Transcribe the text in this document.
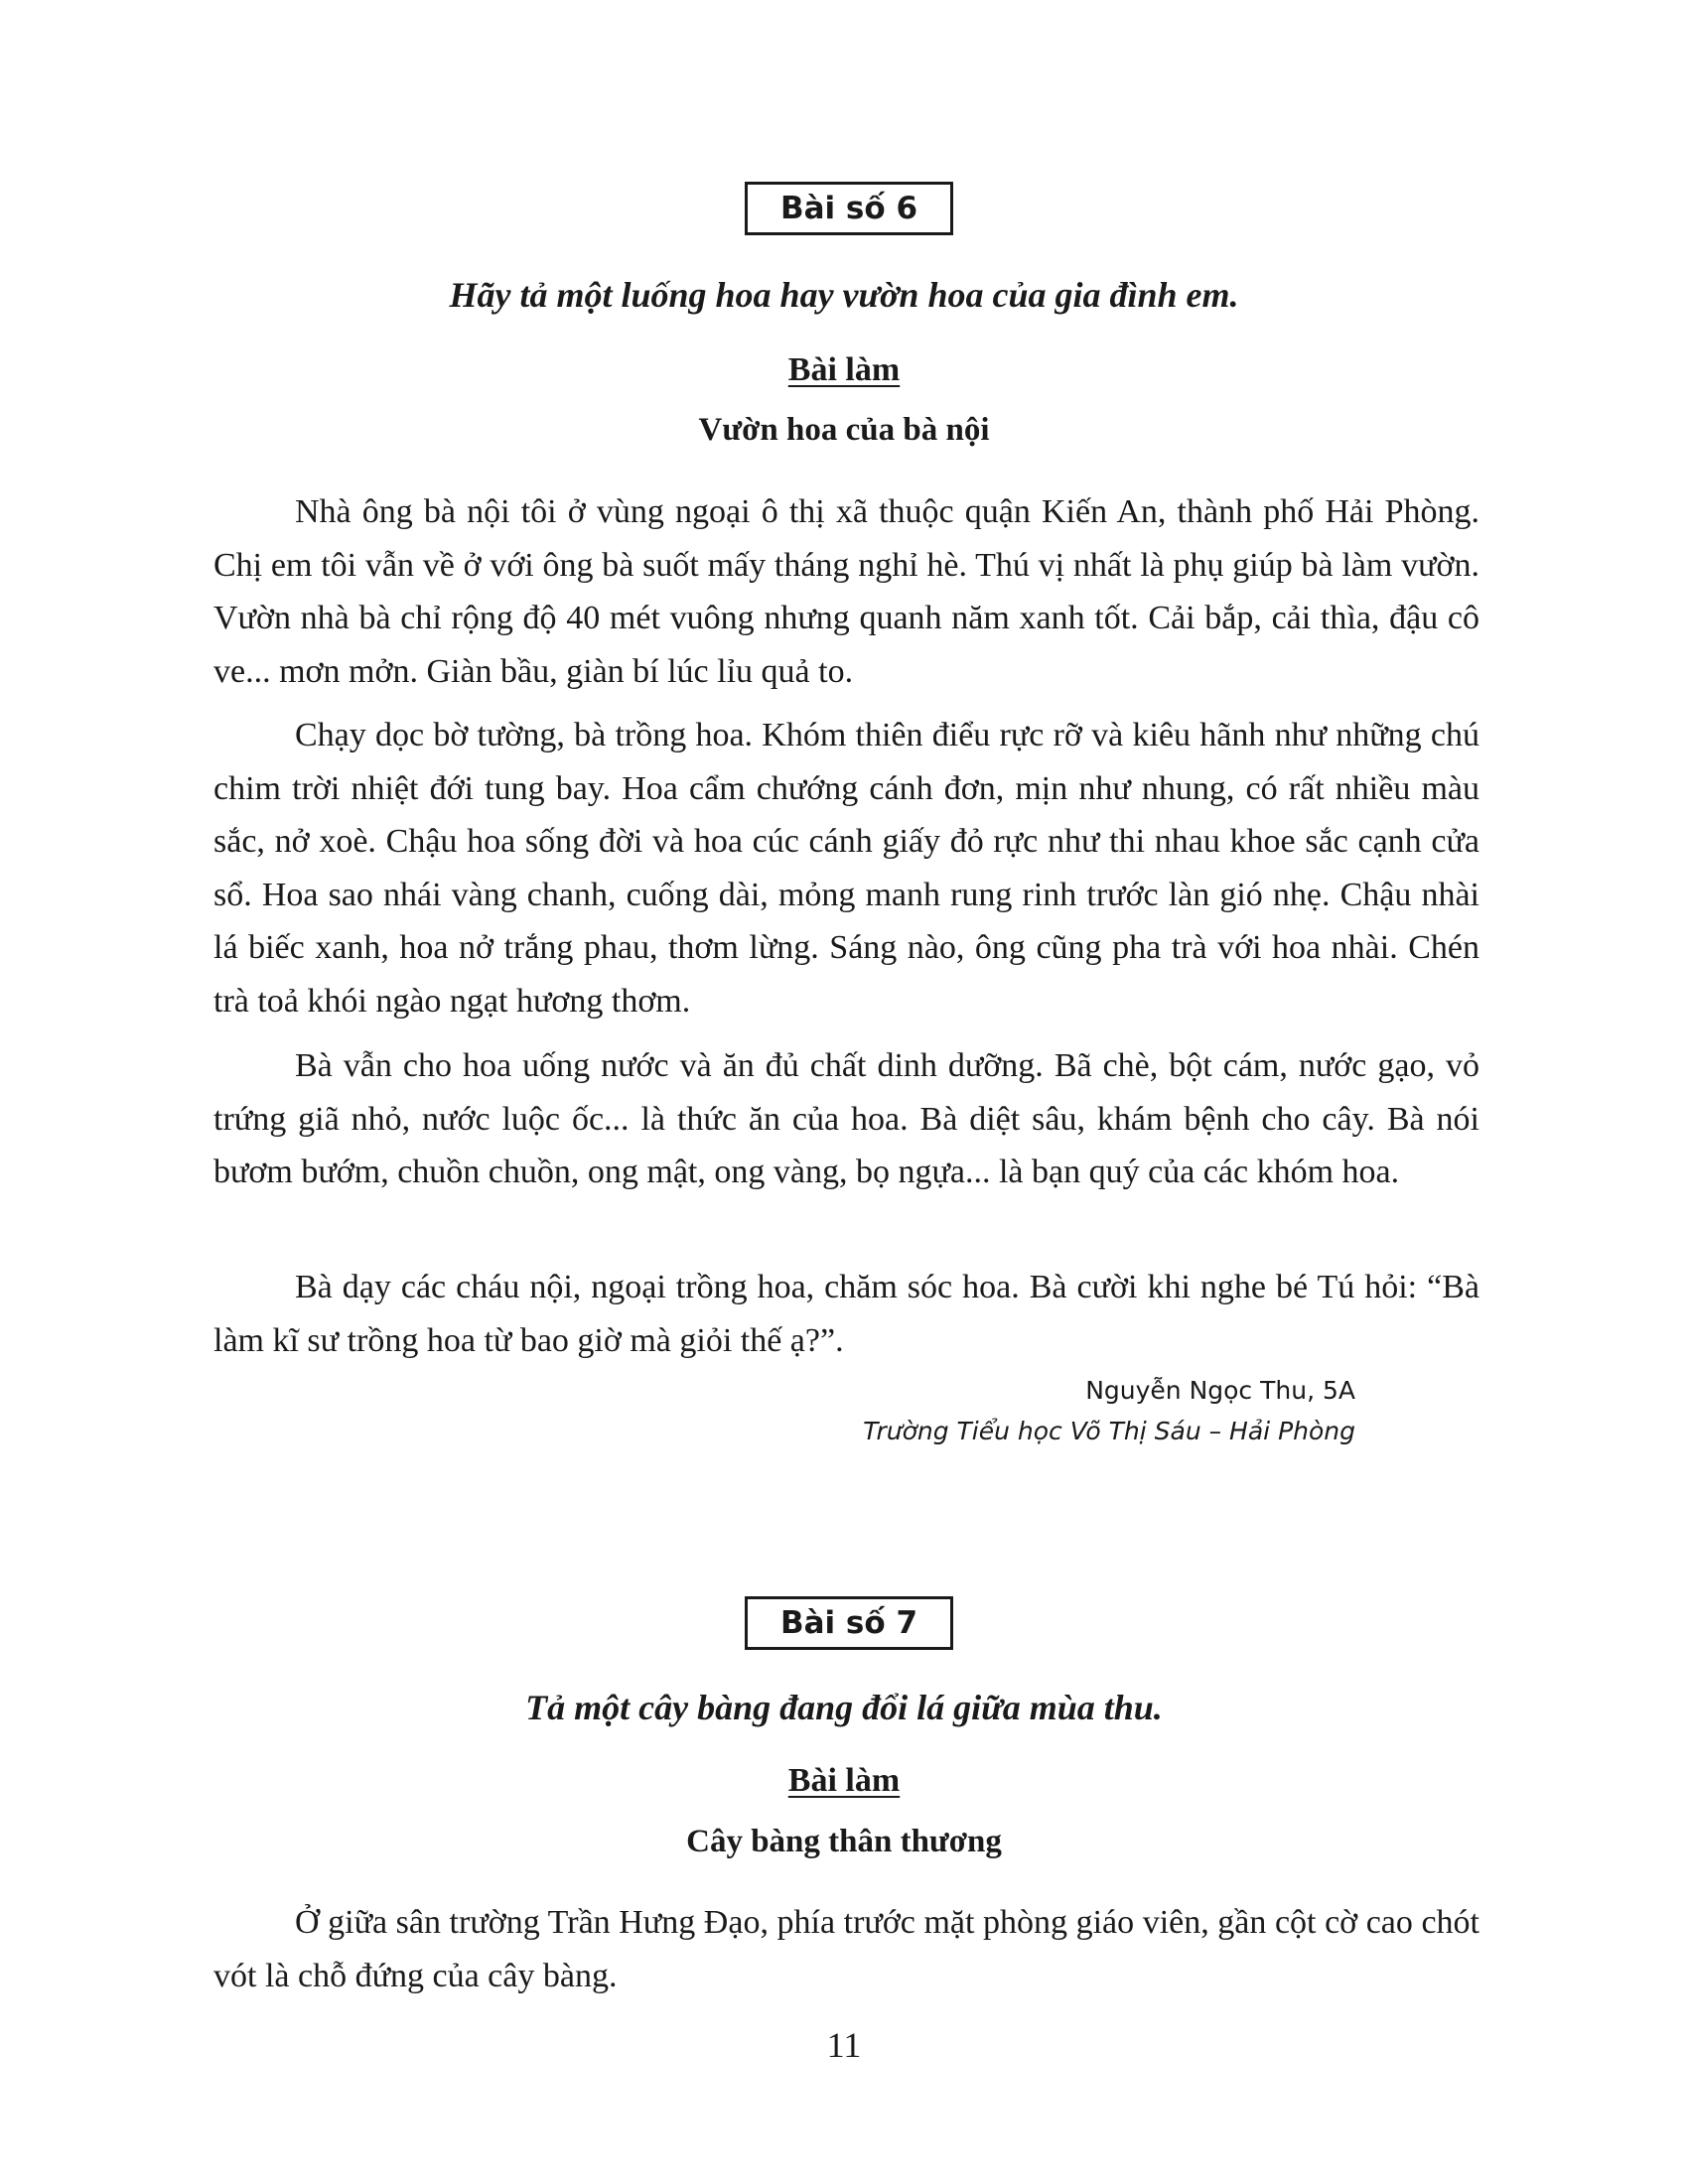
Bài số 6
Hãy tả một luống hoa hay vườn hoa của gia đình em.
Bài làm
Vườn hoa của bà nội

Nhà ông bà nội tôi ở vùng ngoại ô thị xã thuộc quận Kiến An, thành phố Hải Phòng. Chị em tôi vẫn về ở với ông bà suốt mấy tháng nghỉ hè. Thú vị nhất là phụ giúp bà làm vườn. Vườn nhà bà chỉ rộng độ 40 mét vuông nhưng quanh năm xanh tốt. Cải bắp, cải thìa, đậu cô ve... mơn mởn. Giàn bầu, giàn bí lúc lỉu quả to.

Chạy dọc bờ tường, bà trồng hoa. Khóm thiên điểu rực rỡ và kiêu hãnh như những chú chim trời nhiệt đới tung bay. Hoa cẩm chướng cánh đơn, mịn như nhung, có rất nhiều màu sắc, nở xoè. Chậu hoa sống đời và hoa cúc cánh giấy đỏ rực như thi nhau khoe sắc cạnh cửa sổ. Hoa sao nhái vàng chanh, cuống dài, mỏng manh rung rinh trước làn gió nhẹ. Chậu nhài lá biếc xanh, hoa nở trắng phau, thơm lừng. Sáng nào, ông cũng pha trà với hoa nhài. Chén trà toả khói ngào ngạt hương thơm.

Bà vẫn cho hoa uống nước và ăn đủ chất dinh dưỡng. Bã chè, bột cám, nước gạo, vỏ trứng giã nhỏ, nước luộc ốc... là thức ăn của hoa. Bà diệt sâu, khám bệnh cho cây. Bà nói bươm bướm, chuồn chuồn, ong mật, ong vàng, bọ ngựa... là bạn quý của các khóm hoa.

Bà dạy các cháu nội, ngoại trồng hoa, chăm sóc hoa. Bà cười khi nghe bé Tú hỏi: “Bà làm kĩ sư trồng hoa từ bao giờ mà giỏi thế ạ?”.

Nguyễn Ngọc Thu, 5A
Trường Tiểu học Võ Thị Sáu – Hải Phòng
Bài số 7
Tả một cây bàng đang đổi lá giữa mùa thu.
Bài làm
Cây bàng thân thương

Ở giữa sân trường Trần Hưng Đạo, phía trước mặt phòng giáo viên, gần cột cờ cao chót vót là chỗ đứng của cây bàng.

11
